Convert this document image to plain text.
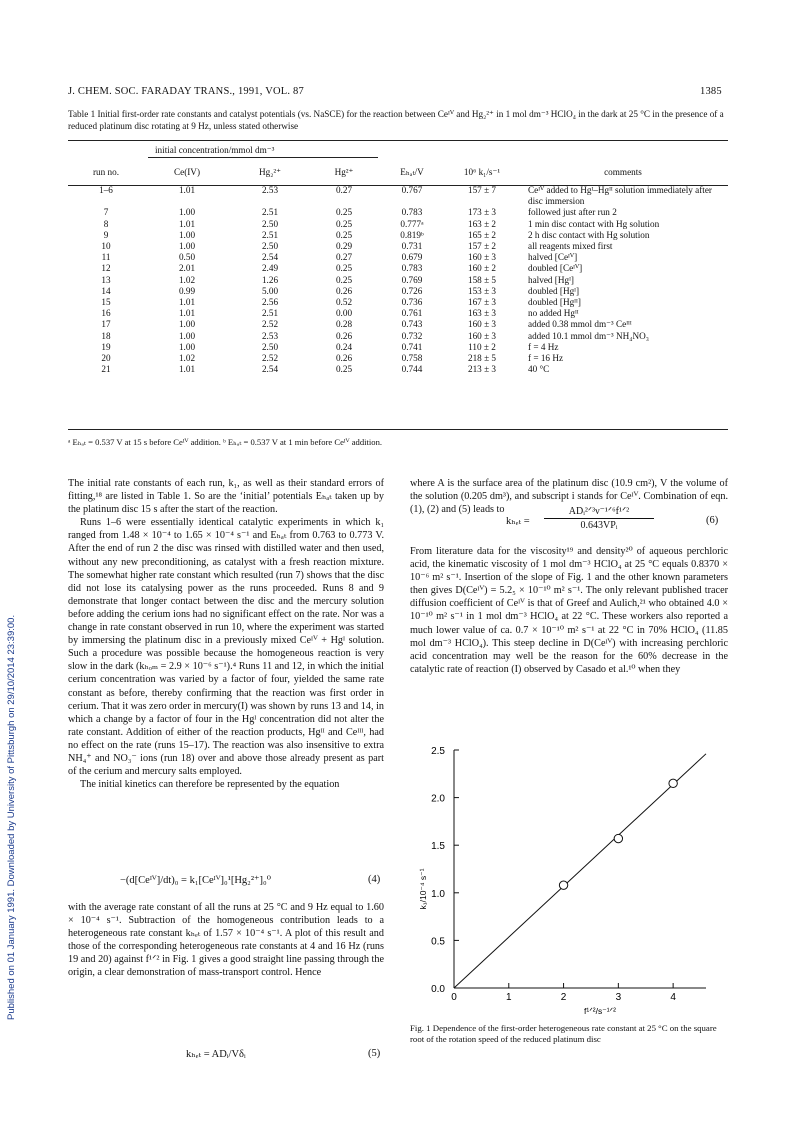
Published on 01 January 1991. Downloaded by University of Pittsburgh on 29/10/2014 23:39:00.
J. CHEM. SOC. FARADAY TRANS., 1991, VOL. 87	1385
Table 1 Initial first-order rate constants and catalyst potentials (vs. NaSCE) for the reaction between Ceᴵⱽ and Hg₂²⁺ in 1 mol dm⁻³ HClO₄ in the dark at 25 °C in the presence of a reduced platinum disc rotating at 9 Hz, unless stated otherwise
initial concentration/mmol dm⁻³
run no.	Ce(IV)	Hg₂²⁺	Hg²⁺	Eₕₐₜ/V	10⁶ k₁/s⁻¹	comments
1–6	1.01	2.53	0.27	0.767	157 ± 7	Ceᴵⱽ added to Hgᴵ–Hgᴵᴵ solution immediately after disc immersion
7	1.00	2.51	0.25	0.783	173 ± 3	followed just after run 2
8	1.01	2.50	0.25	0.777ᵃ	163 ± 2	1 min disc contact with Hg solution
9	1.00	2.51	0.25	0.819ᵇ	165 ± 2	2 h disc contact with Hg solution
10	1.00	2.50	0.29	0.731	157 ± 2	all reagents mixed first
11	0.50	2.54	0.27	0.679	160 ± 3	halved [Ceᴵⱽ]
12	2.01	2.49	0.25	0.783	160 ± 2	doubled [Ceᴵⱽ]
13	1.02	1.26	0.25	0.769	158 ± 5	halved [Hgᴵ]
14	0.99	5.00	0.26	0.726	153 ± 3	doubled [Hgᴵ]
15	1.01	2.56	0.52	0.736	167 ± 3	doubled [Hgᴵᴵ]
16	1.01	2.51	0.00	0.761	163 ± 3	no added Hgᴵᴵ
17	1.00	2.52	0.28	0.743	160 ± 3	added 0.38 mmol dm⁻³ Ceᴵᴵᴵ
18	1.00	2.53	0.26	0.732	160 ± 3	added 10.1 mmol dm⁻³ NH₄NO₃
19	1.00	2.50	0.24	0.741	110 ± 2	f = 4 Hz
20	1.02	2.52	0.26	0.758	218 ± 5	f = 16 Hz
21	1.01	2.54	0.25	0.744	213 ± 3	40 °C
ᵃ Eₕₐₜ = 0.537 V at 15 s before Ceᴵⱽ addition. ᵇ Eₕₐₜ = 0.537 V at 1 min before Ceᴵⱽ addition.

The initial rate constants of each run, k₁, as well as their standard errors of fitting,¹⁸ are listed in Table 1. So are the ‘initial’ potentials Eₕₐₜ taken up by the platinum disc 15 s after the start of the reaction.

Runs 1–6 were essentially identical catalytic experiments in which k₁ ranged from 1.48 × 10⁻⁴ to 1.65 × 10⁻⁴ s⁻¹ and Eₕₐₜ from 0.763 to 0.773 V. After the end of run 2 the disc was rinsed with distilled water and then used, without any new preconditioning, as catalyst with a fresh reaction mixture. The somewhat higher rate constant which resulted (run 7) shows that the disc did not lose its catalysing power as the runs proceeded. Runs 8 and 9 demonstrate that longer contact between the disc and the mercury solution before adding the cerium ions had no significant effect on the rate. Nor was a change in rate constant observed in run 10, where the experiment was started by immersing the platinum disc in a previously mixed Ceᴵⱽ + Hgᴵ solution. Such a procedure was possible because the homogeneous reaction is very slow in the dark (kₕₒₘ = 2.9 × 10⁻⁶ s⁻¹).⁴ Runs 11 and 12, in which the initial cerium concentration was varied by a factor of four, yielded the same rate constant as before, thereby confirming that the reaction was first order in cerium. That it was zero order in mercury(I) was shown by runs 13 and 14, in which a change by a factor of four in the Hgᴵ concentration did not alter the rate constant. Addition of either of the reaction products, Hgᴵᴵ and Ceᴵᴵᴵ, had no effect on the rate (runs 15–17). The reaction was also insensitive to extra NH₄⁺ and NO₃⁻ ions (run 18) over and above those already present as part of the cerium and mercury salts employed.

The initial kinetics can therefore be represented by the equation

−(d[Ceᴵⱽ]/dt)₀ = k₁[Ceᴵⱽ]₀¹[Hg₂²⁺]₀⁰	(4)

with the average rate constant of all the runs at 25 °C and 9 Hz equal to 1.60 × 10⁻⁴ s⁻¹. Subtraction of the homogeneous contribution leads to a heterogeneous rate constant kₕₑₜ of 1.57 × 10⁻⁴ s⁻¹. A plot of this result and those of the corresponding heterogeneous rate constants at 4 and 16 Hz (runs 19 and 20) against f¹ᐟ² in Fig. 1 gives a good straight line passing through the origin, a clear demonstration of mass-transport control. Hence

kₕₑₜ = ADᵢ/Vδᵢ	(5)

where A is the surface area of the platinum disc (10.9 cm²), V the volume of the solution (0.205 dm³), and subscript i stands for Ceᴵⱽ. Combination of eqn. (1), (2) and (5) leads to

kₕₑₜ =
ADᵢ²ᐟ³ν⁻¹ᐟ⁶f¹ᐟ²
0.643VPᵢ	(6)

From literature data for the viscosity¹⁹ and density²⁰ of aqueous perchloric acid, the kinematic viscosity of 1 mol dm⁻³ HClO₄ at 25 °C equals 0.8370 × 10⁻⁶ m² s⁻¹. Insertion of the slope of Fig. 1 and the other known parameters then gives D(Ceᴵⱽ) = 5.2₅ × 10⁻¹⁰ m² s⁻¹. The only relevant published tracer diffusion coefficient of Ceᴵⱽ is that of Greef and Aulich,²¹ who obtained 4.0 × 10⁻¹⁰ m² s⁻¹ in 1 mol dm⁻³ HClO₄ at 22 °C. These workers also reported a much lower value of ca. 0.7 × 10⁻¹⁰ m² s⁻¹ at 22 °C in 70% HClO₄ (11.85 mol dm⁻³ HClO₄). This steep decline in D(Ceᴵⱽ) with increasing perchloric acid concentration may well be the reason for the 60% decrease in the catalytic rate of reaction (I) observed by Casado et al.¹⁰ when they

0.0
0.5
1.0
1.5
2.0
2.5
0	1	2	3	4
f¹ᐟ²/s⁻¹ᐟ²
k₁/10⁻⁴ s⁻¹
Fig. 1 Dependence of the first-order heterogeneous rate constant at 25 °C on the square root of the rotation speed of the reduced platinum disc
